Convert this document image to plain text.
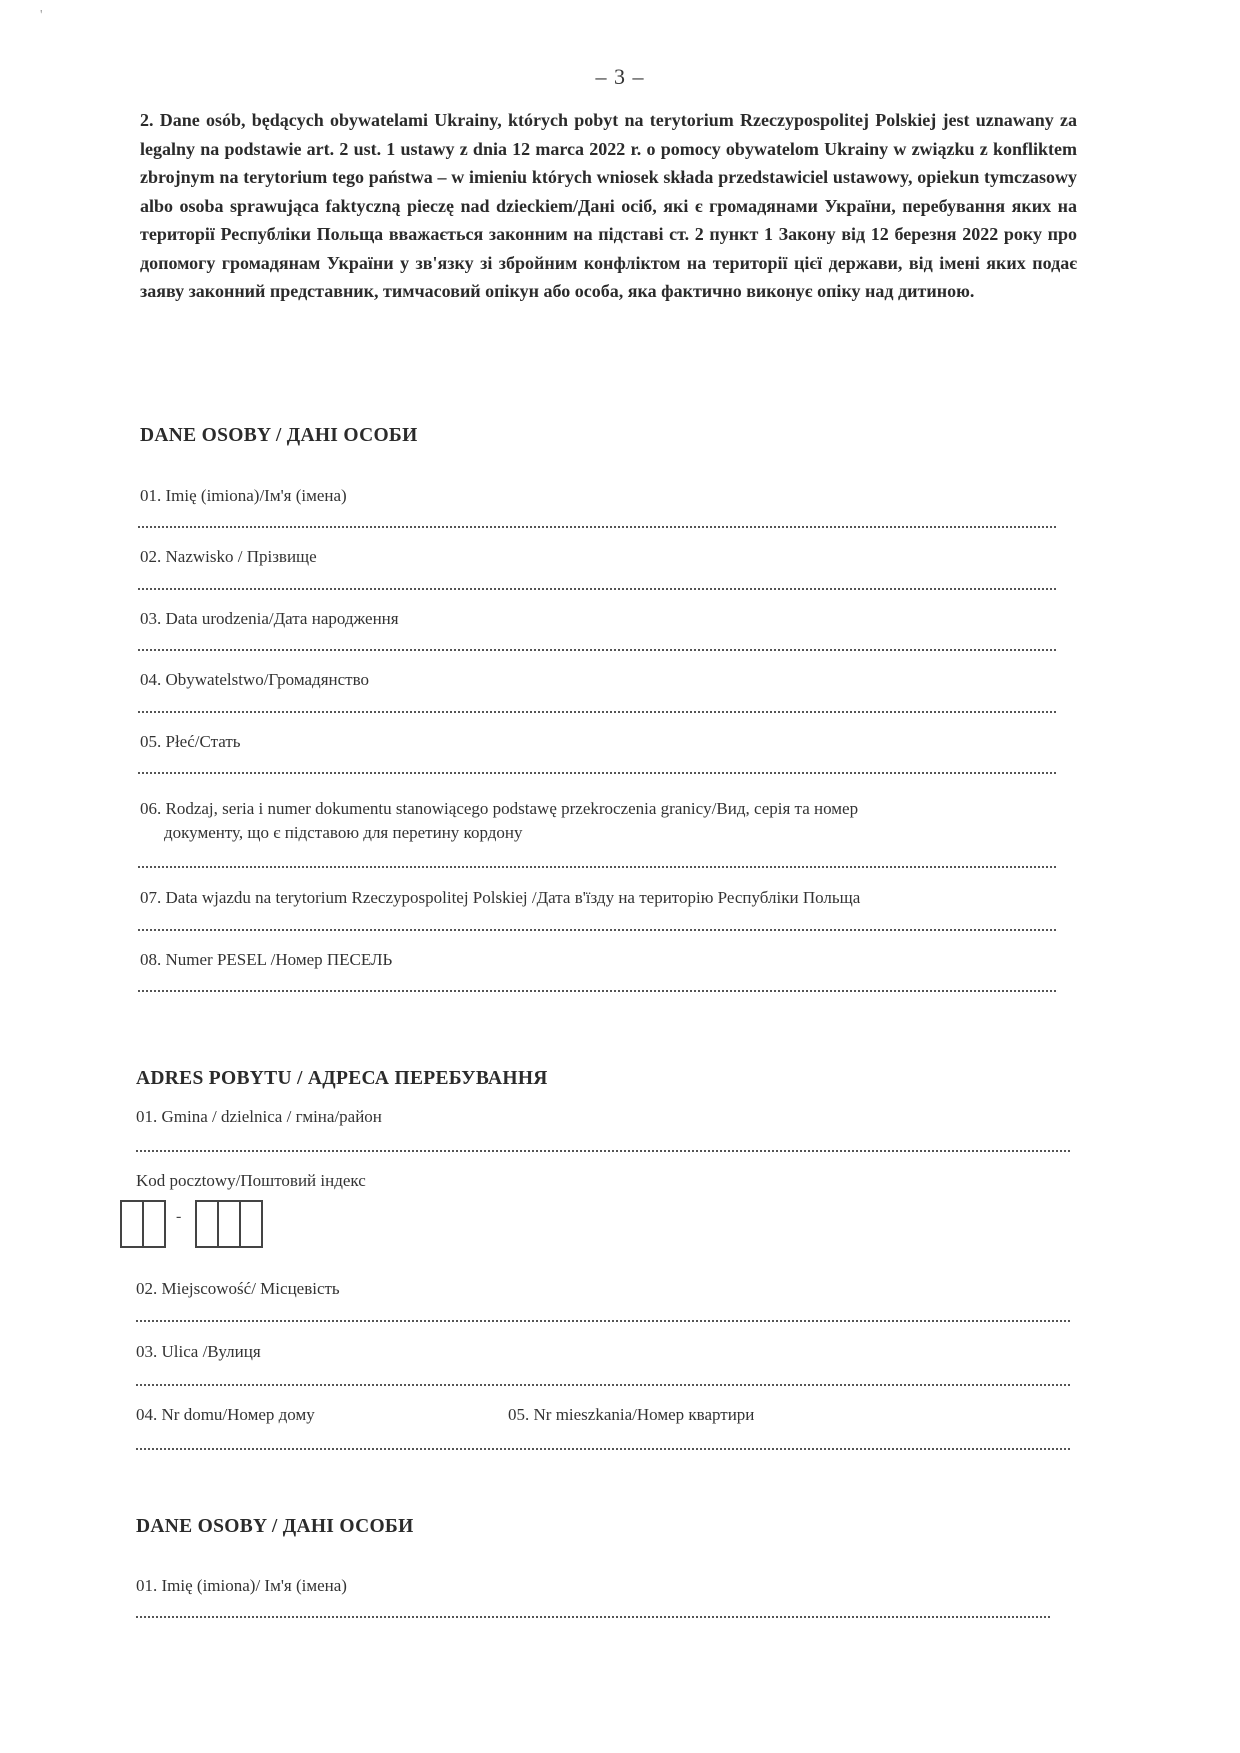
'
– 3 –
2. Dane osób, będących obywatelami Ukrainy, których pobyt na terytorium Rzeczypospolitej Polskiej jest uznawany za legalny na podstawie art. 2 ust. 1 ustawy z dnia 12 marca 2022 r. o pomocy obywatelom Ukrainy w związku z konfliktem zbrojnym na terytorium tego państwa – w imieniu których wniosek składa przedstawiciel ustawowy, opiekun tymczasowy albo osoba sprawująca faktyczną pieczę nad dzieckiem/Дані осіб, які є громадянами України, перебування яких на території Республіки Польща вважається законним на підставі ст. 2 пункт 1 Закону від 12 березня 2022 року про допомогу громадянам України у зв'язку зі збройним конфліктом на території цієї держави, від імені яких подає заяву законний представник, тимчасовий опікун або особа, яка фактично виконує опіку над дитиною.
DANE OSOBY / ДАНІ ОСОБИ
01. Imię (imiona)/Ім'я (імена)
02. Nazwisko / Прізвище
03. Data urodzenia/Дата народження
04. Obywatelstwo/Громадянство
05. Płeć/Стать
06. Rodzaj, seria i numer dokumentu stanowiącego podstawę przekroczenia granicy/Вид, серія та номер
документу, що є підставою для перетину кордону
07. Data wjazdu na terytorium Rzeczypospolitej Polskiej /Дата в'їзду на територію Республіки Польща
08. Numer PESEL /Номер ПЕСЕЛЬ
ADRES POBYTU / АДРЕСА ПЕРЕБУВАННЯ
01. Gmina / dzielnica / гміна/район
Kod pocztowy/Поштовий індекс
-
02. Miejscowość/ Місцевість
03. Ulica /Вулиця
04. Nr domu/Номер дому	05. Nr mieszkania/Номер квартири
DANE OSOBY / ДАНІ ОСОБИ
01. Imię (imiona)/ Ім'я (імена)
